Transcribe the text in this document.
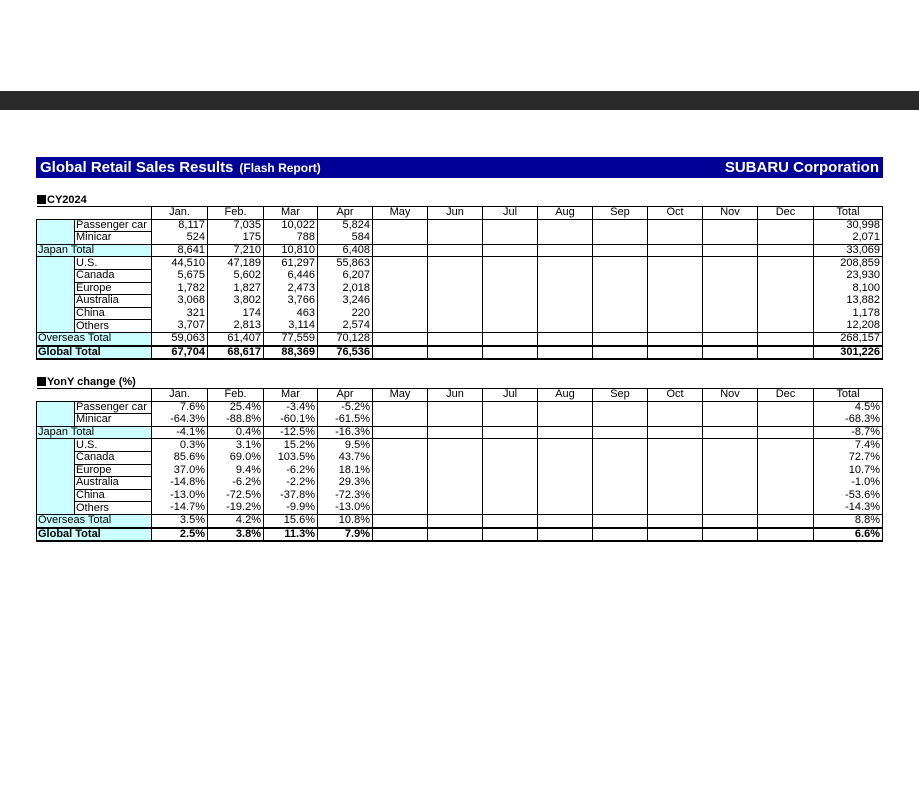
Global Retail Sales Results (Flash Report)	SUBARU Corporation
CY2024
		Jan.	Feb.	Mar	Apr	May	Jun	Jul	Aug	Sep	Oct	Nov	Dec	Total
	Passenger car	8,117	7,035	10,022	5,824									30,998
	Minicar	524	175	788	584									2,071
Japan Total		8,641	7,210	10,810	6,408									33,069
	U.S.	44,510	47,189	61,297	55,863									208,859
	Canada	5,675	5,602	6,446	6,207									23,930
	Europe	1,782	1,827	2,473	2,018									8,100
	Australia	3,068	3,802	3,766	3,246									13,882
	China	321	174	463	220									1,178
	Others	3,707	2,813	3,114	2,574									12,208
Overseas Total		59,063	61,407	77,559	70,128									268,157
Global Total		67,704	68,617	88,369	76,536									301,226
YonY change (%)
		Jan.	Feb.	Mar	Apr	May	Jun	Jul	Aug	Sep	Oct	Nov	Dec	Total
	Passenger car	7.6%	25.4%	-3.4%	-5.2%									4.5%
	Minicar	-64.3%	-88.8%	-60.1%	-61.5%									-68.3%
Japan Total		-4.1%	0.4%	-12.5%	-16.3%									-8.7%
	U.S.	0.3%	3.1%	15.2%	9.5%									7.4%
	Canada	85.6%	69.0%	103.5%	43.7%									72.7%
	Europe	37.0%	9.4%	-6.2%	18.1%									10.7%
	Australia	-14.8%	-6.2%	-2.2%	29.3%									-1.0%
	China	-13.0%	-72.5%	-37.8%	-72.3%									-53.6%
	Others	-14.7%	-19.2%	-9.9%	-13.0%									-14.3%
Overseas Total		3.5%	4.2%	15.6%	10.8%									8.8%
Global Total		2.5%	3.8%	11.3%	7.9%									6.6%
